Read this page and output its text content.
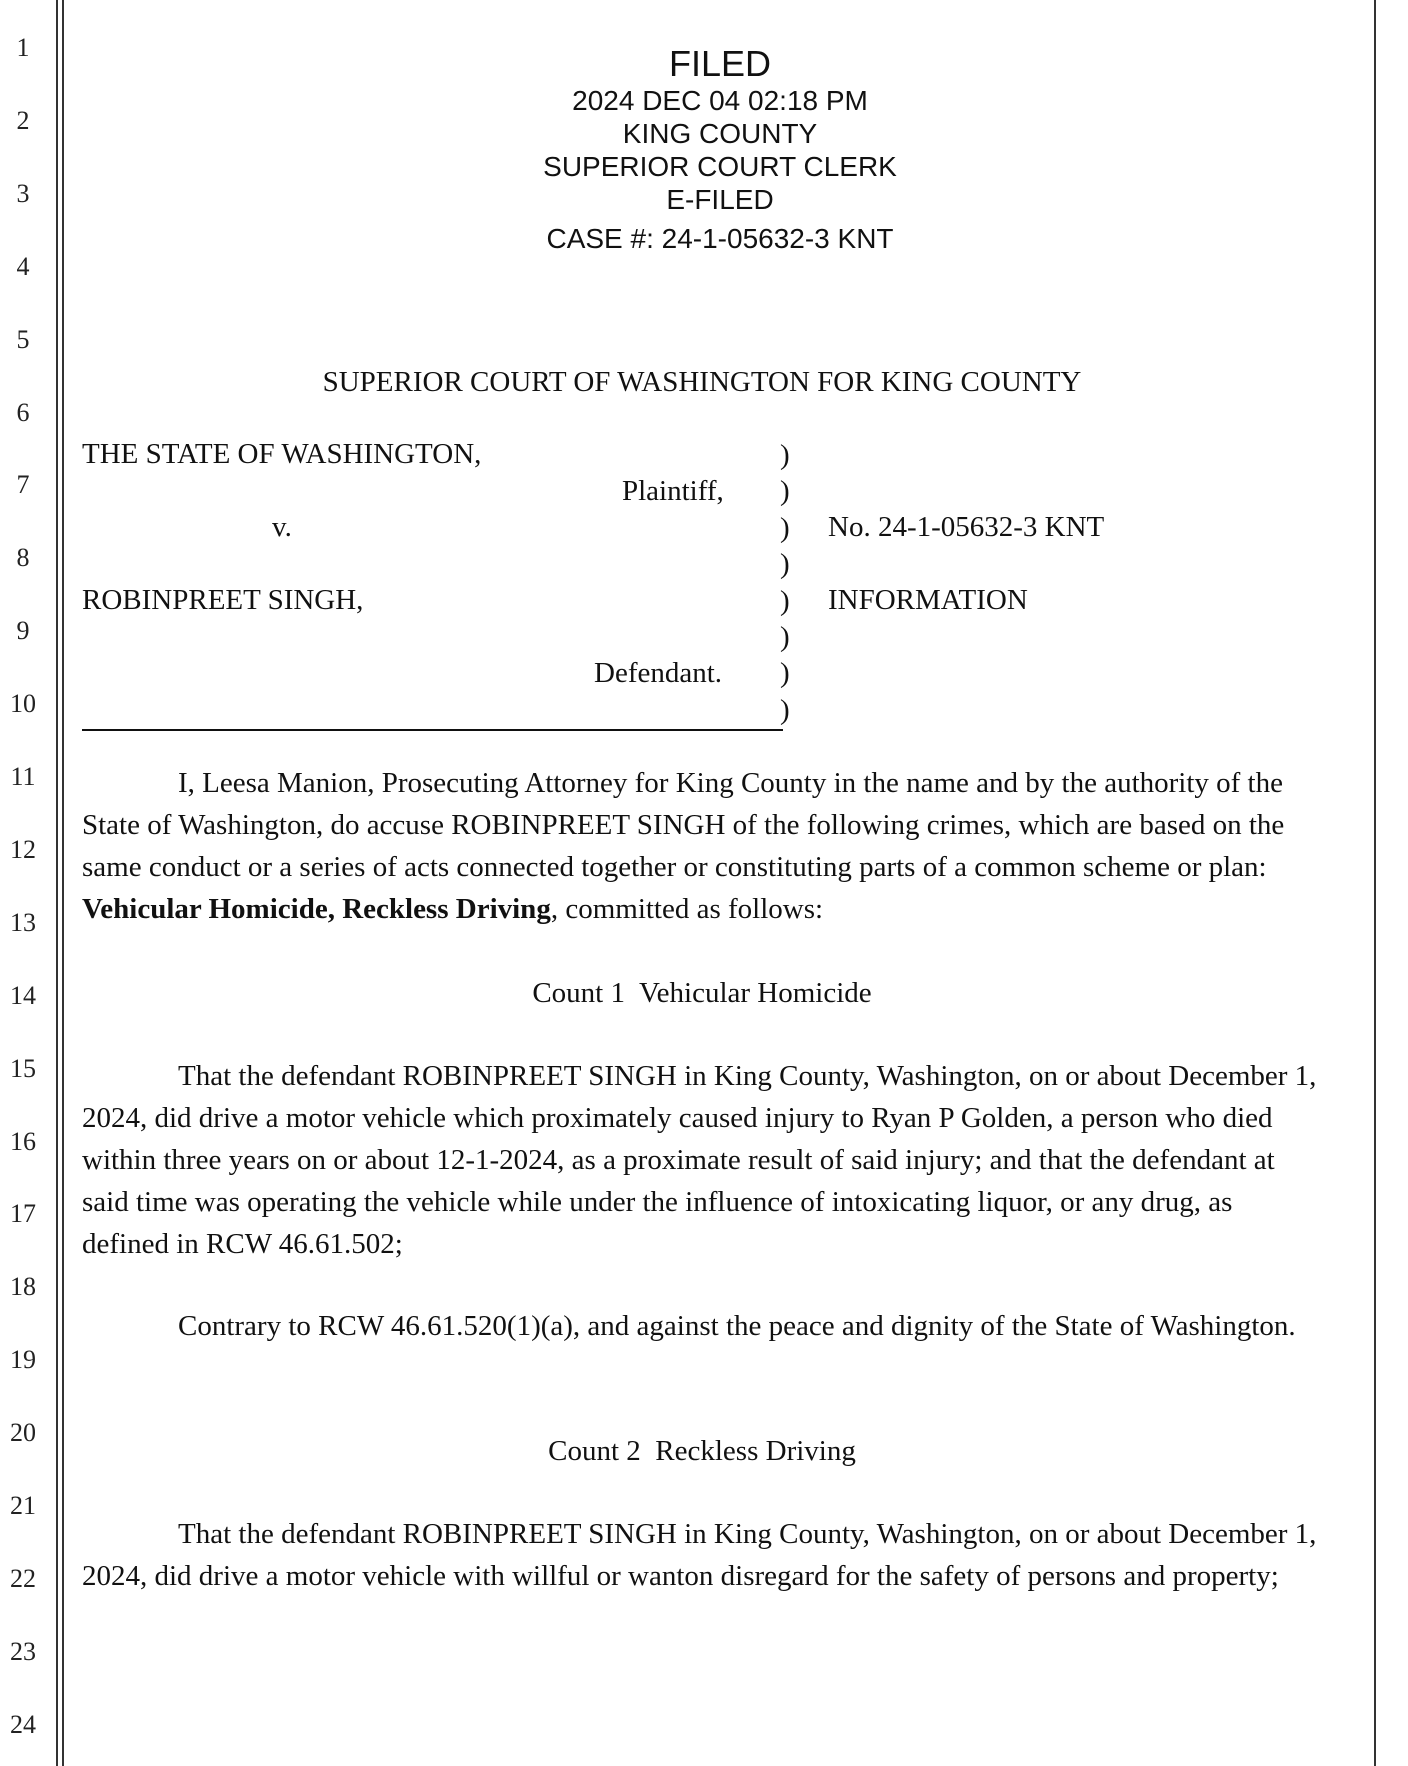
1
2
3
4
5
6
7
8
9
10
11
12
13
14
15
16
17
18
19
20
21
22
23
24
FILED
2024 DEC 04 02:18 PM
KING COUNTY
SUPERIOR COURT CLERK
E-FILED
CASE #: 24-1-05632-3 KNT
SUPERIOR COURT OF WASHINGTON FOR KING COUNTY
THE STATE OF WASHINGTON,
Plaintiff,
v.
ROBINPREET SINGH,
Defendant.
)
)
)
)
)
)
)
)
No. 24-1-05632-3 KNT
INFORMATION

I, Leesa Manion, Prosecuting Attorney for King County in the name and by the authority of the State of Washington, do accuse ROBINPREET SINGH of the following crimes, which are based on the same conduct or a series of acts connected together or constituting parts of a common scheme or plan: Vehicular Homicide, Reckless Driving, committed as follows:

Count 1  Vehicular Homicide

That the defendant ROBINPREET SINGH in King County, Washington, on or about December 1, 2024, did drive a motor vehicle which proximately caused injury to Ryan P Golden, a person who died within three years on or about 12-1-2024, as a proximate result of said injury; and that the defendant at said time was operating the vehicle while under the influence of intoxicating liquor, or any drug, as defined in RCW 46.61.502;

Contrary to RCW 46.61.520(1)(a), and against the peace and dignity of the State of Washington.

Count 2  Reckless Driving

That the defendant ROBINPREET SINGH in King County, Washington, on or about December 1, 2024, did drive a motor vehicle with willful or wanton disregard for the safety of persons and property;
